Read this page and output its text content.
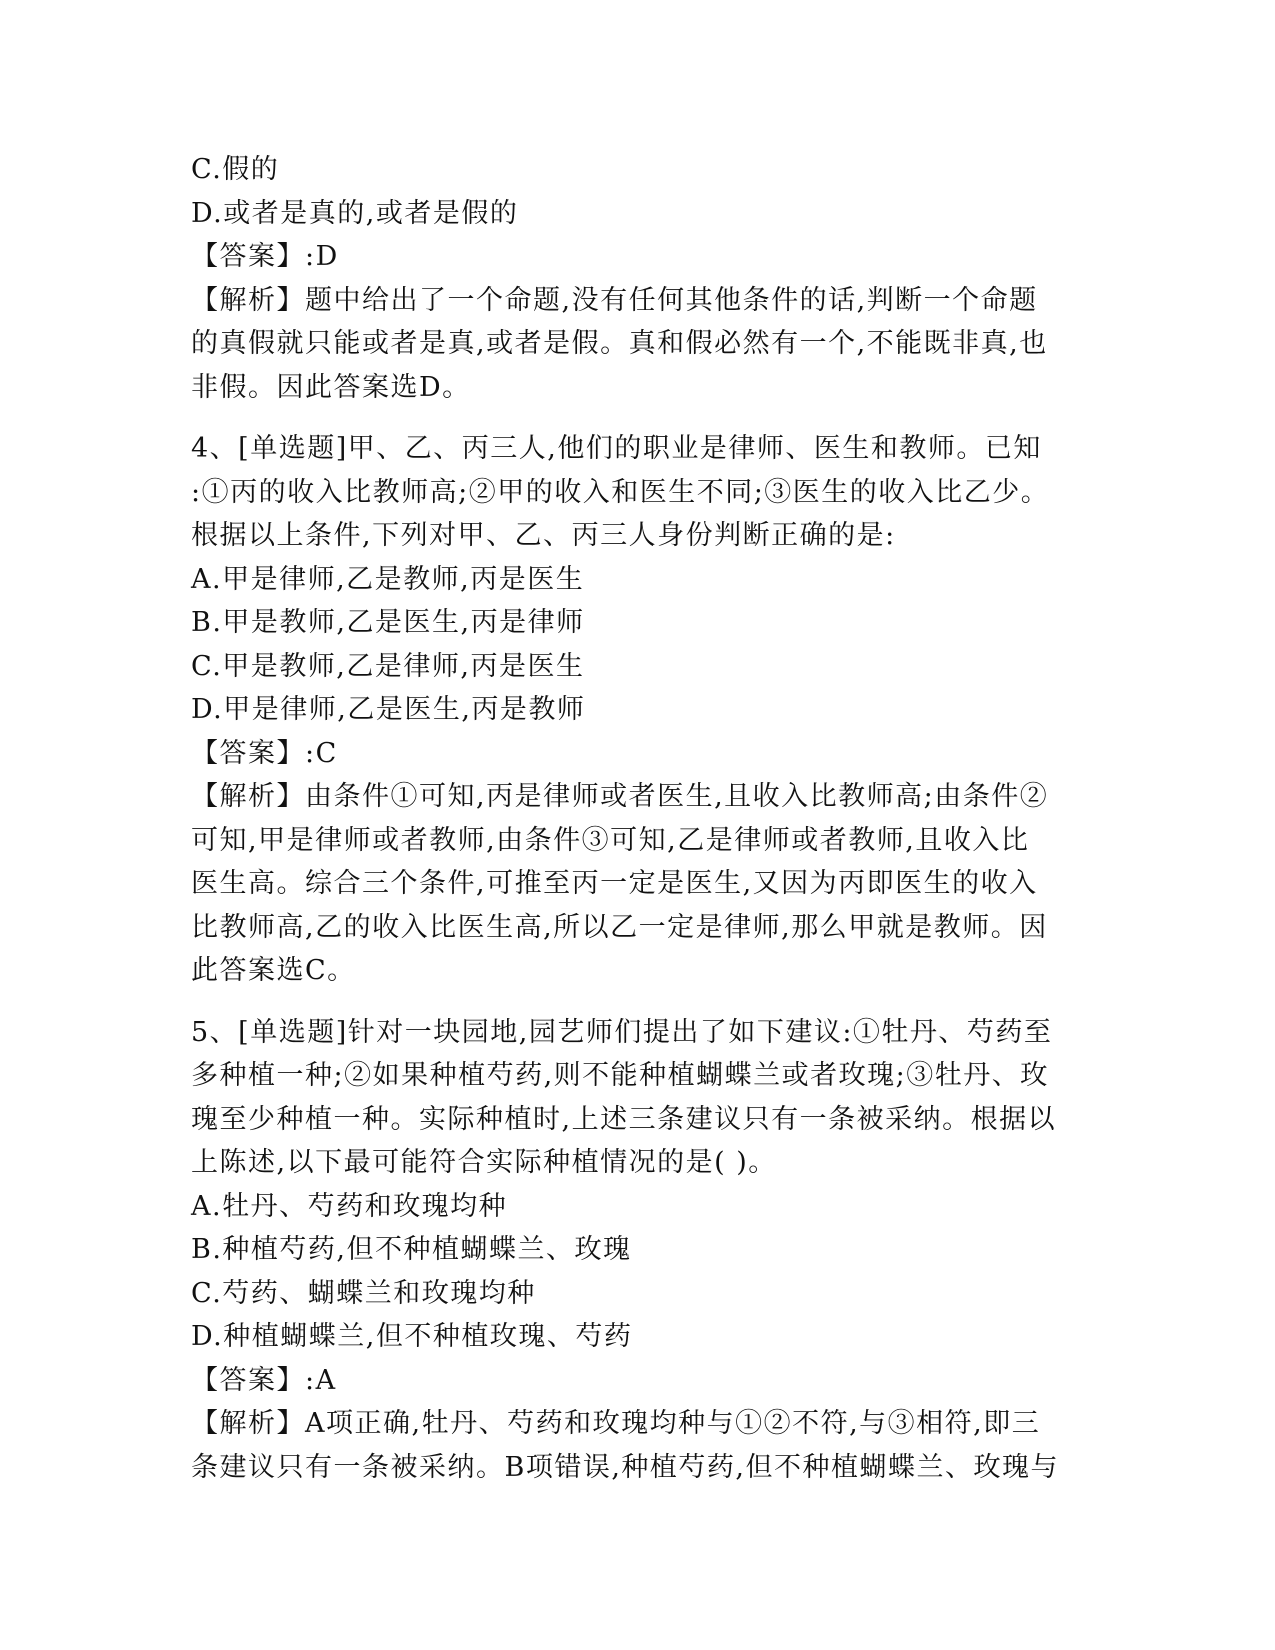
C.假的
D.或者是真的,或者是假的
【答案】:D
【解析】题中给出了一个命题,没有任何其他条件的话,判断一个命题
的真假就只能或者是真,或者是假。真和假必然有一个,不能既非真,也
非假。因此答案选D。
4、[单选题]甲、乙、丙三人,他们的职业是律师、医生和教师。已知
:①丙的收入比教师高;②甲的收入和医生不同;③医生的收入比乙少。
根据以上条件,下列对甲、乙、丙三人身份判断正确的是:
A.甲是律师,乙是教师,丙是医生
B.甲是教师,乙是医生,丙是律师
C.甲是教师,乙是律师,丙是医生
D.甲是律师,乙是医生,丙是教师
【答案】:C
【解析】由条件①可知,丙是律师或者医生,且收入比教师高;由条件②
可知,甲是律师或者教师,由条件③可知,乙是律师或者教师,且收入比
医生高。综合三个条件,可推至丙一定是医生,又因为丙即医生的收入
比教师高,乙的收入比医生高,所以乙一定是律师,那么甲就是教师。因
此答案选C。
5、[单选题]针对一块园地,园艺师们提出了如下建议:①牡丹、芍药至
多种植一种;②如果种植芍药,则不能种植蝴蝶兰或者玫瑰;③牡丹、玫
瑰至少种植一种。实际种植时,上述三条建议只有一条被采纳。根据以
上陈述,以下最可能符合实际种植情况的是( )。
A.牡丹、芍药和玫瑰均种
B.种植芍药,但不种植蝴蝶兰、玫瑰
C.芍药、蝴蝶兰和玫瑰均种
D.种植蝴蝶兰,但不种植玫瑰、芍药
【答案】:A
【解析】A项正确,牡丹、芍药和玫瑰均种与①②不符,与③相符,即三
条建议只有一条被采纳。B项错误,种植芍药,但不种植蝴蝶兰、玫瑰与
